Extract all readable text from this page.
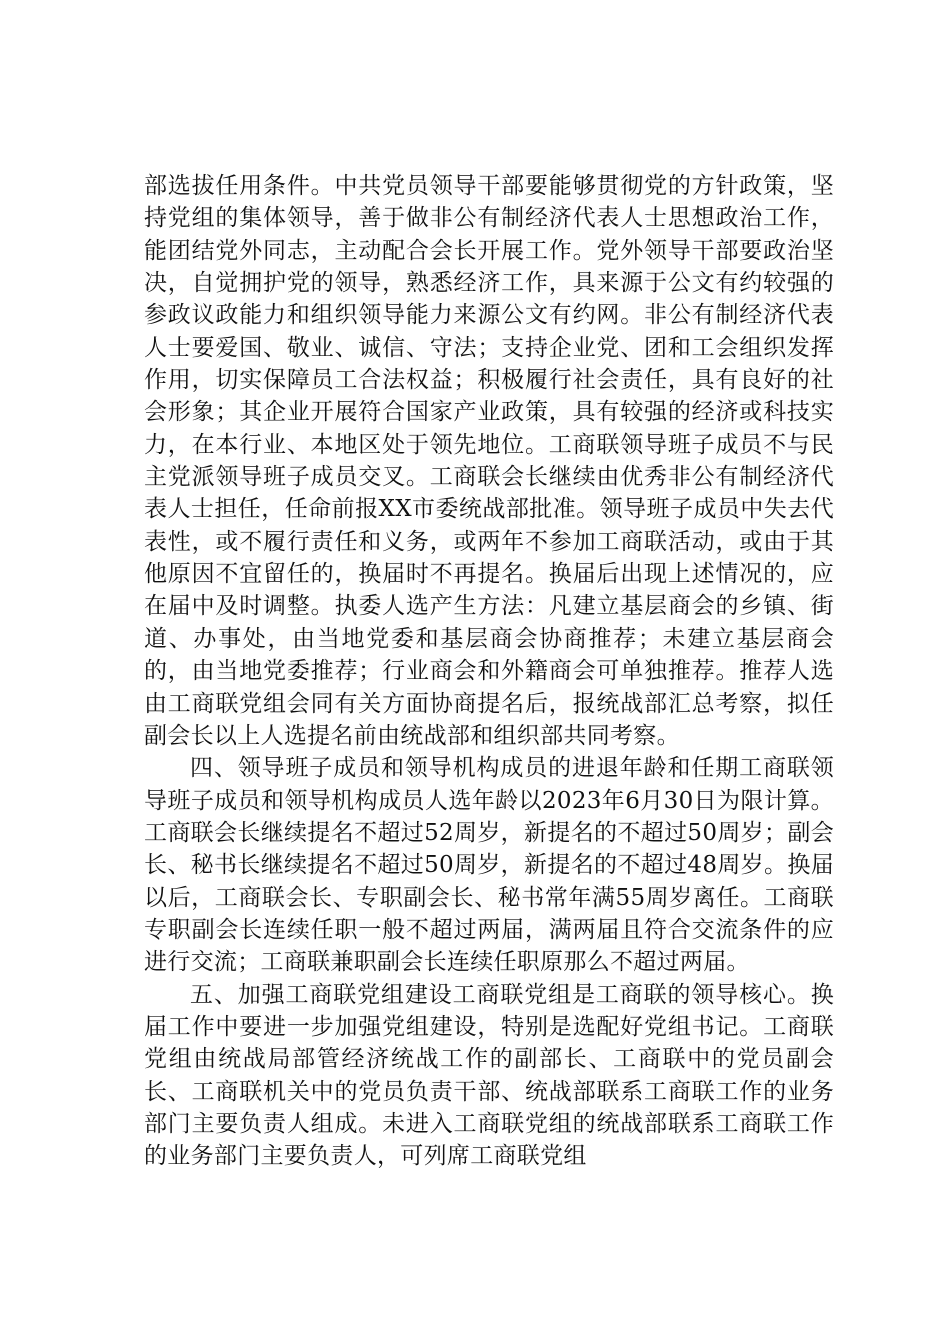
部选拔任用条件。中共党员领导干部要能够贯彻党的方针政策，坚持党组的集体领导，善于做非公有制经济代表人士思想政治工作，能团结党外同志，主动配合会长开展工作。党外领导干部要政治坚决，自觉拥护党的领导，熟悉经济工作，具来源于公文有约较强的参政议政能力和组织领导能力来源公文有约网。非公有制经济代表人士要爱国、敬业、诚信、守法；支持企业党、团和工会组织发挥作用，切实保障员工合法权益；积极履行社会责任，具有良好的社会形象；其企业开展符合国家产业政策，具有较强的经济或科技实力，在本行业、本地区处于领先地位。工商联领导班子成员不与民主党派领导班子成员交叉。工商联会长继续由优秀非公有制经济代表人士担任，任命前报XX市委统战部批准。领导班子成员中失去代表性，或不履行责任和义务，或两年不参加工商联活动，或由于其他原因不宜留任的，换届时不再提名。换届后出现上述情况的，应在届中及时调整。执委人选产生方法：凡建立基层商会的乡镇、街道、办事处，由当地党委和基层商会协商推荐；未建立基层商会的，由当地党委推荐；行业商会和外籍商会可单独推荐。推荐人选由工商联党组会同有关方面协商提名后，报统战部汇总考察，拟任副会长以上人选提名前由统战部和组织部共同考察。

四、领导班子成员和领导机构成员的进退年龄和任期工商联领导班子成员和领导机构成员人选年龄以2023年6月30日为限计算。工商联会长继续提名不超过52周岁，新提名的不超过50周岁；副会长、秘书长继续提名不超过50周岁，新提名的不超过48周岁。换届以后，工商联会长、专职副会长、秘书常年满55周岁离任。工商联专职副会长连续任职一般不超过两届，满两届且符合交流条件的应进行交流；工商联兼职副会长连续任职原那么不超过两届。

五、加强工商联党组建设工商联党组是工商联的领导核心。换届工作中要进一步加强党组建设，特别是选配好党组书记。工商联党组由统战局部管经济统战工作的副部长、工商联中的党员副会长、工商联机关中的党员负责干部、统战部联系工商联工作的业务部门主要负责人组成。未进入工商联党组的统战部联系工商联工作的业务部门主要负责人，可列席工商联党组
